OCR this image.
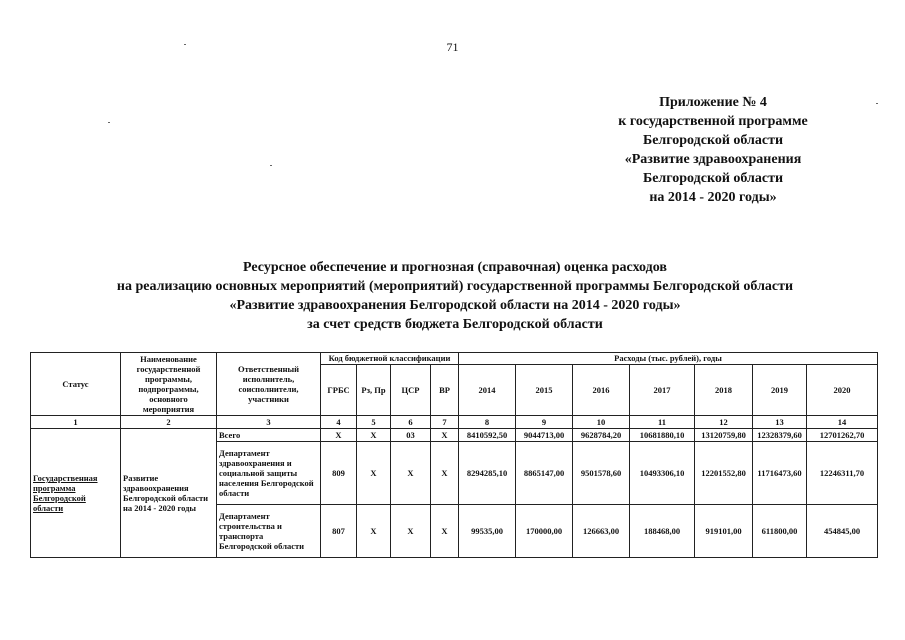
71
Приложение № 4
к государственной программе
Белгородской области
«Развитие здравоохранения
Белгородской области
на 2014 - 2020 годы»
Ресурсное обеспечение и прогнозная (справочная) оценка расходов
на реализацию основных мероприятий (мероприятий) государственной программы Белгородской области
«Развитие здравоохранения Белгородской области на 2014 - 2020 годы»
за счет средств бюджета Белгородской области
Статус	Наименование государственной программы, подпрограммы, основного мероприятия	Ответственный исполнитель, соисполнители, участники	Код бюджетной классификации				Расходы (тыс. рублей), годы						
			ГРБС	Рз, Пр	ЦСР	ВР	2014	2015	2016	2017	2018	2019	2020
1	2	3	4	5	6	7	8	9	10	11	12	13	14
Государственная программа Белгородской области	Развитие здравоохранения Белгородской области на 2014 - 2020 годы	Всего	Х	Х	03	Х	8410592,50	9044713,00	9628784,20	10681880,10	13120759,80	12328379,60	12701262,70
		Департамент здравоохранения и социальной защиты населения Белгородской области	809	Х	Х	Х	8294285,10	8865147,00	9501578,60	10493306,10	12201552,80	11716473,60	12246311,70
		Департамент строительства и транспорта Белгородской области	807	Х	Х	Х	99535,00	170000,00	126663,00	188468,00	919101,00	611800,00	454845,00
